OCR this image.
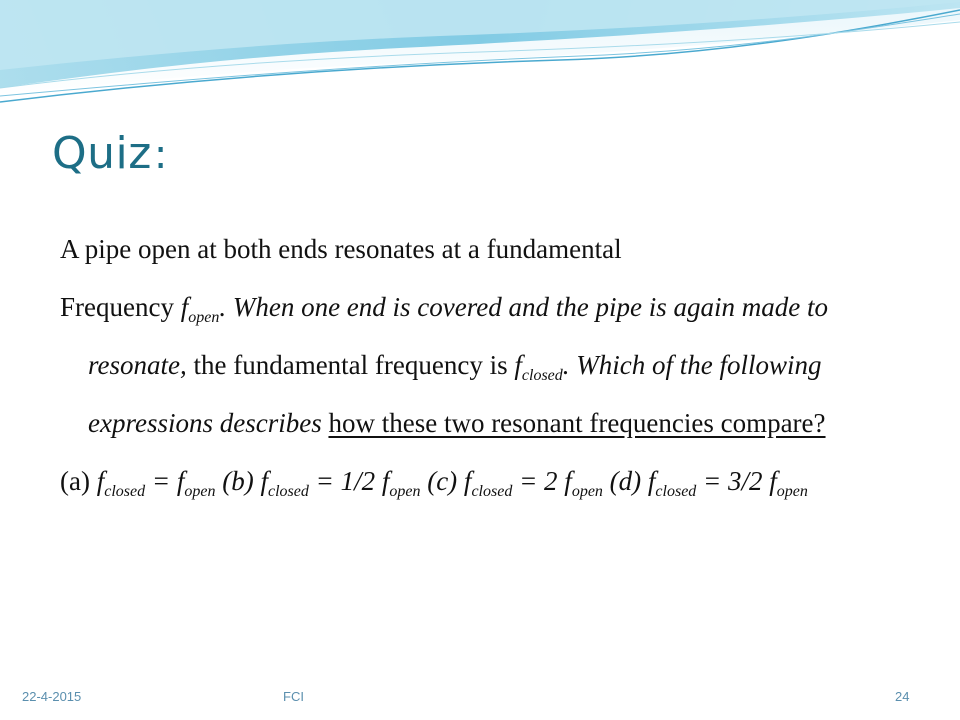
Quiz:

A pipe open at both ends resonates at a fundamental

Frequency $f_{open}$. When one end is covered and the pipe is again made to resonate, the fundamental frequency is $f_{closed}$. Which of the following expressions describes how these two resonant frequencies compare?

(a) $f_{closed} = f_{open}$ (b) $f_{closed} = 1/2$ $f_{open}$ (c) $f_{closed} = 2$ $f_{open}$ (d) $f_{closed} = 3/2$ $f_{open}$

22-4-2015	FCI	24
